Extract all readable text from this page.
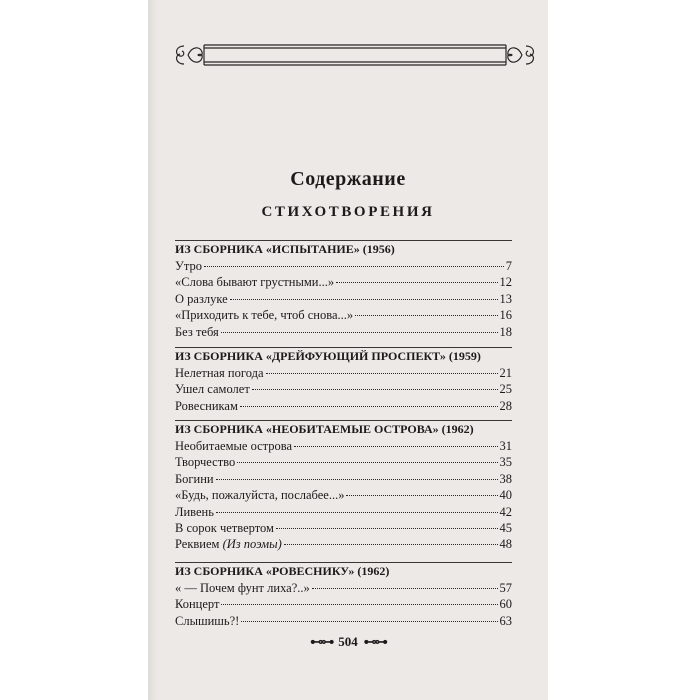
Содержание
СТИХОТВОРЕНИЯ
ИЗ СБОРНИКА «ИСПЫТАНИЕ» (1956)
Утро	7
«Слова бывают грустными...»	12
О разлуке	13
«Приходить к тебе, чтоб снова...»	16
Без тебя	18
ИЗ СБОРНИКА «ДРЕЙФУЮЩИЙ ПРОСПЕКТ» (1959)
Нелетная погода	21
Ушел самолет	25
Ровесникам	28
ИЗ СБОРНИКА «НЕОБИТАЕМЫЕ ОСТРОВА» (1962)
Необитаемые острова	31
Творчество	35
Богини	38
«Будь, пожалуйста, послабее...»	40
Ливень	42
В сорок четвертом	45
Реквием (Из поэмы)	48
ИЗ СБОРНИКА «РОВЕСНИКУ» (1962)
« — Почем фунт лиха?..»	57
Концерт	60
Слышишь?!	63
⊷⊶ 504 ⊷⊶
